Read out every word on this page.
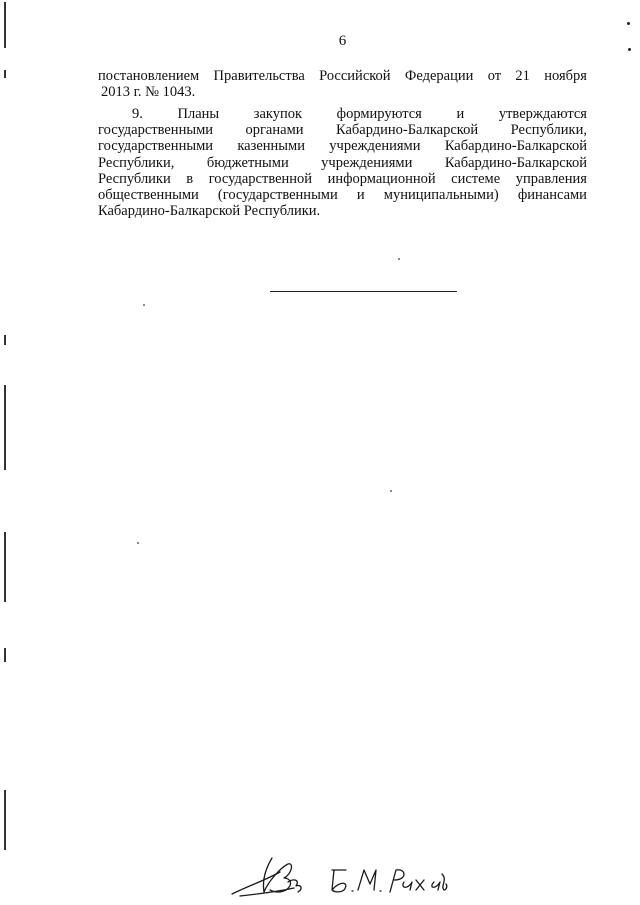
6
постановлением Правительства Российской Федерации от 21 ноября
2013 г. № 1043.
9. Планы закупок формируются и утверждаются
государственными органами Кабардино-Балкарской Республики,
государственными казенными учреждениями Кабардино-Балкарской
Республики, бюджетными учреждениями Кабардино-Балкарской
Республики в государственной информационной системе управления
общественными (государственными и муниципальными) финансами
Кабардино-Балкарской Республики.
